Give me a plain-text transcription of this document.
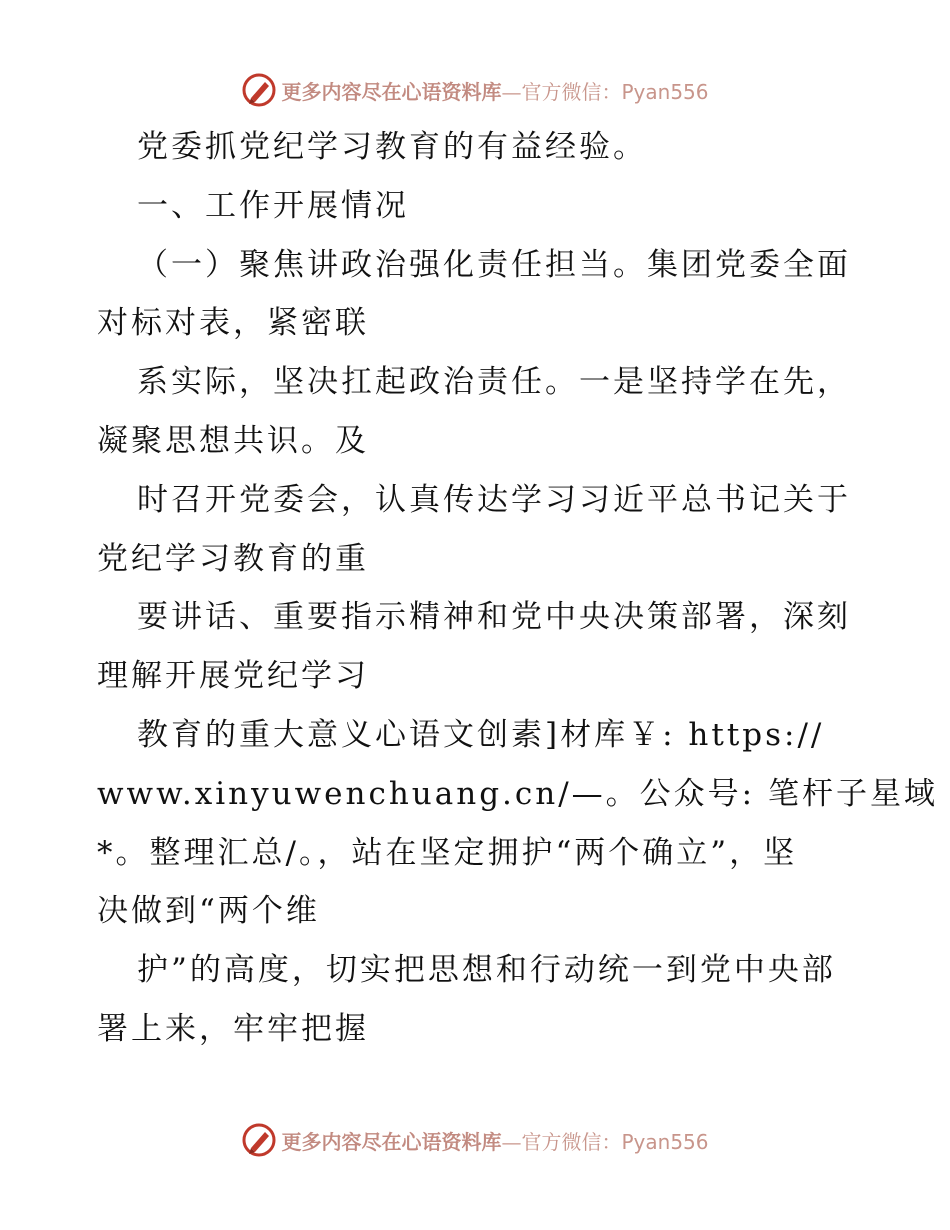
更多内容尽在心语资料库—官方微信：Pyan556
党委抓党纪学习教育的有益经验。
一、工作开展情况
（一）聚焦讲政治强化责任担当。集团党委全面
对标对表，紧密联
系实际，坚决扛起政治责任。一是坚持学在先，
凝聚思想共识。及
时召开党委会，认真传达学习习近平总书记关于
党纪学习教育的重
要讲话、重要指示精神和党中央决策部署，深刻
理解开展党纪学习
教育的重大意义心语文创素]材库￥: https://
www.xinyuwenchuang.cn/—。公众号: 笔杆子星域
*。整理汇总/。，站在坚定拥护“两个确立”，坚
决做到“两个维
护”的高度，切实把思想和行动统一到党中央部
署上来，牢牢把握
更多内容尽在心语资料库—官方微信：Pyan556
